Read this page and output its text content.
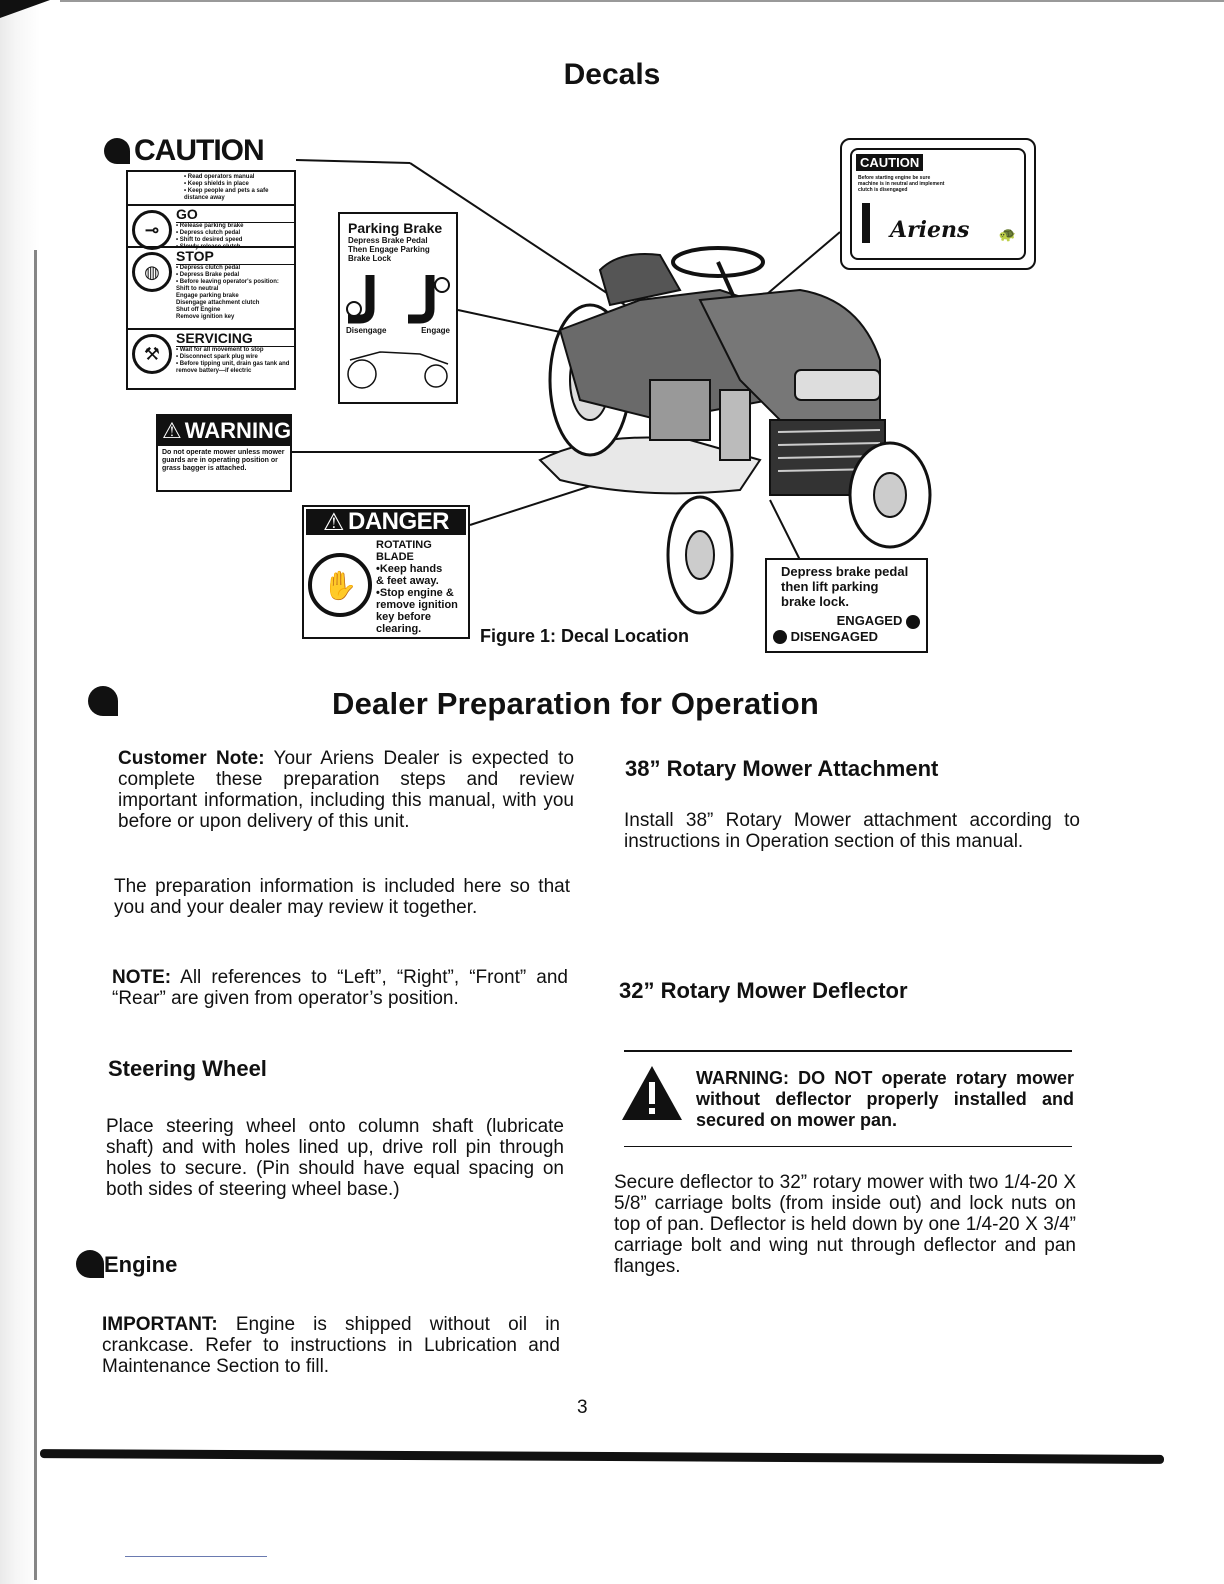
Decals
CAUTION
• Read operators manual
• Keep shields in place
• Keep people and pets a safe distance away
⊸
GO
• Release parking brake
• Depress clutch pedal
• Shift to desired speed
• Slowly release clutch
◍
STOP
• Depress clutch pedal
• Depress Brake pedal
• Before leaving operator's position:
Shift to neutral
Engage parking brake
Disengage attachment clutch
Shut off Engine
Remove ignition key
⚒
SERVICING
• Wait for all movement to stop
• Disconnect spark plug wire
• Before tipping unit, drain gas tank and remove battery—if electric
⚠ WARNING
Do not operate mower unless mower guards are in operating position or grass bagger is attached.
Parking Brake
Depress Brake Pedal
Then Engage Parking
Brake Lock
Disengage	Engage
⚠ DANGER
✋
ROTATING
BLADE
•Keep hands
& feet away.
•Stop engine &
remove ignition
key before
clearing.
CAUTION
Before starting engine be sure
machine is in neutral and implement
clutch is disengaged
Ariens 🐢
Depress brake pedal
then lift parking
brake lock.
ENGAGED
DISENGAGED
Figure 1: Decal Location
Dealer Preparation for Operation

Customer Note: Your Ariens Dealer is expected to complete these preparation steps and review important information, including this manual, with you before or upon delivery of this unit.

The preparation information is included here so that you and your dealer may review it together.

NOTE: All references to “Left”, “Right”, “Front” and “Rear” are given from operator’s position.

Steering Wheel

Place steering wheel onto column shaft (lubricate shaft) and with holes lined up, drive roll pin through holes to secure. (Pin should have equal spacing on both sides of steering wheel base.)

Engine

IMPORTANT: Engine is shipped without oil in crankcase. Refer to instructions in Lubrication and Maintenance Section to fill.

38” Rotary Mower Attachment

Install 38” Rotary Mower attachment according to instructions in Operation section of this manual.

32” Rotary Mower Deflector

WARNING: DO NOT operate rotary mower without deflector properly installed and secured on mower pan.

Secure deflector to 32” rotary mower with two 1/4-20 X 5/8” carriage bolts (from inside out) and lock nuts on top of pan. Deflector is held down by one 1/4-20 X 3/4” carriage bolt and wing nut through deflector and pan flanges.

3
